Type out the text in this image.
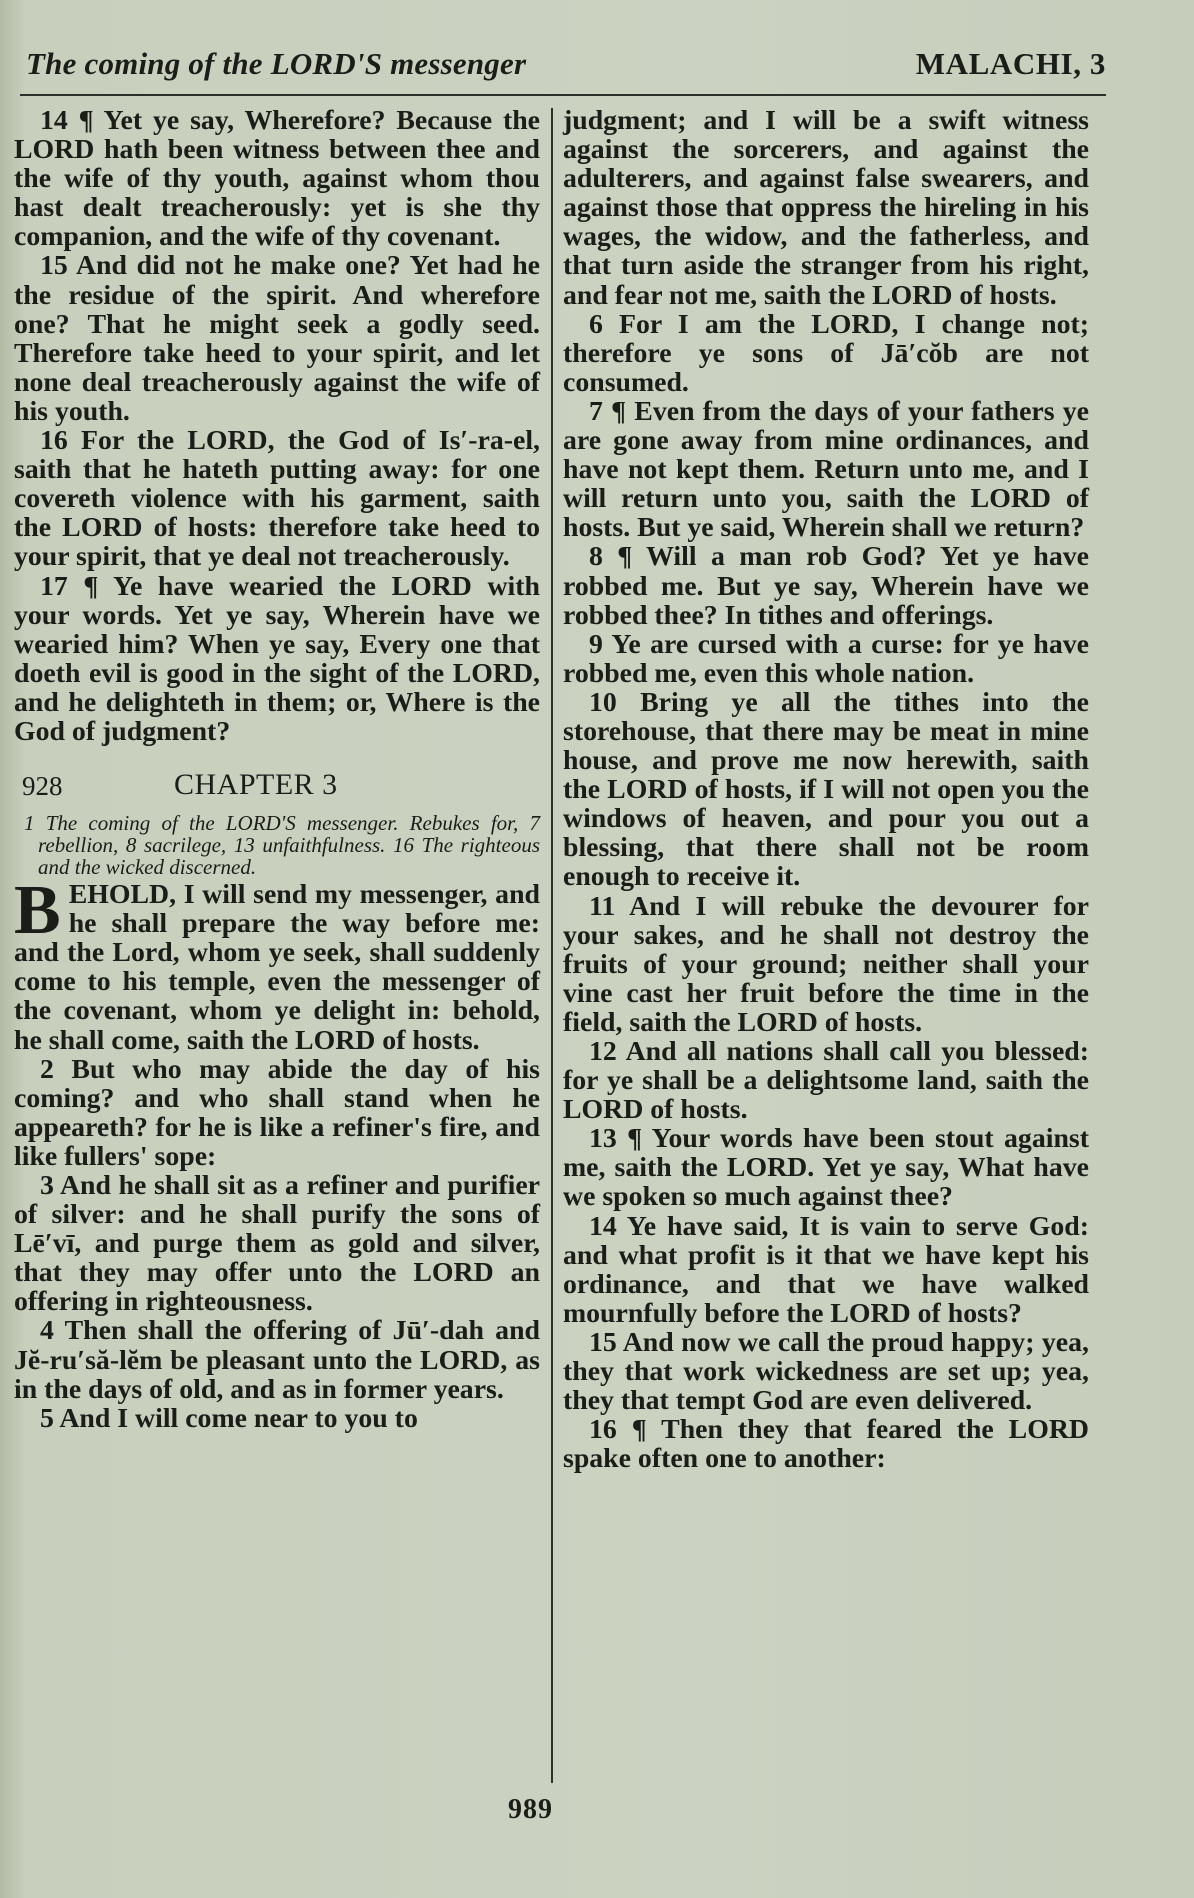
The coming of the LORD'S messenger	MALACHI, 3

14 ¶ Yet ye say, Wherefore? Because the LORD hath been witness between thee and the wife of thy youth, against whom thou hast dealt treacherously: yet is she thy companion, and the wife of thy covenant.

15 And did not he make one? Yet had he the residue of the spirit. And wherefore one? That he might seek a godly seed. Therefore take heed to your spirit, and let none deal treacherously against the wife of his youth.

16 For the LORD, the God of Is′-ra-el, saith that he hateth putting away: for one covereth violence with his garment, saith the LORD of hosts: therefore take heed to your spirit, that ye deal not treacherously.

17 ¶ Ye have wearied the LORD with your words. Yet ye say, Wherein have we wearied him? When ye say, Every one that doeth evil is good in the sight of the LORD, and he delighteth in them; or, Where is the God of judgment?

928	CHAPTER 3

1 The coming of the LORD'S messenger. Rebukes for, 7 rebellion, 8 sacrilege, 13 unfaithfulness. 16 The righteous and the wicked discerned.

BEHOLD, I will send my messenger, and he shall prepare the way before me: and the Lord, whom ye seek, shall suddenly come to his temple, even the messenger of the covenant, whom ye delight in: behold, he shall come, saith the LORD of hosts.

2 But who may abide the day of his coming? and who shall stand when he appeareth? for he is like a refiner's fire, and like fullers' sope:

3 And he shall sit as a refiner and purifier of silver: and he shall purify the sons of Lē′vī, and purge them as gold and silver, that they may offer unto the LORD an offering in righteousness.

4 Then shall the offering of Jū′-dah and Jĕ-ru′să-lĕm be pleasant unto the LORD, as in the days of old, and as in former years.

5 And I will come near to you to

judgment; and I will be a swift witness against the sorcerers, and against the adulterers, and against false swearers, and against those that oppress the hireling in his wages, the widow, and the fatherless, and that turn aside the stranger from his right, and fear not me, saith the LORD of hosts.

6 For I am the LORD, I change not; therefore ye sons of Jā′cŏb are not consumed.

7 ¶ Even from the days of your fathers ye are gone away from mine ordinances, and have not kept them. Return unto me, and I will return unto you, saith the LORD of hosts. But ye said, Wherein shall we return?

8 ¶ Will a man rob God? Yet ye have robbed me. But ye say, Wherein have we robbed thee? In tithes and offerings.

9 Ye are cursed with a curse: for ye have robbed me, even this whole nation.

10 Bring ye all the tithes into the storehouse, that there may be meat in mine house, and prove me now herewith, saith the LORD of hosts, if I will not open you the windows of heaven, and pour you out a blessing, that there shall not be room enough to receive it.

11 And I will rebuke the devourer for your sakes, and he shall not destroy the fruits of your ground; neither shall your vine cast her fruit before the time in the field, saith the LORD of hosts.

12 And all nations shall call you blessed: for ye shall be a delightsome land, saith the LORD of hosts.

13 ¶ Your words have been stout against me, saith the LORD. Yet ye say, What have we spoken so much against thee?

14 Ye have said, It is vain to serve God: and what profit is it that we have kept his ordinance, and that we have walked mournfully before the LORD of hosts?

15 And now we call the proud happy; yea, they that work wickedness are set up; yea, they that tempt God are even delivered.

16 ¶ Then they that feared the LORD spake often one to another:

989
